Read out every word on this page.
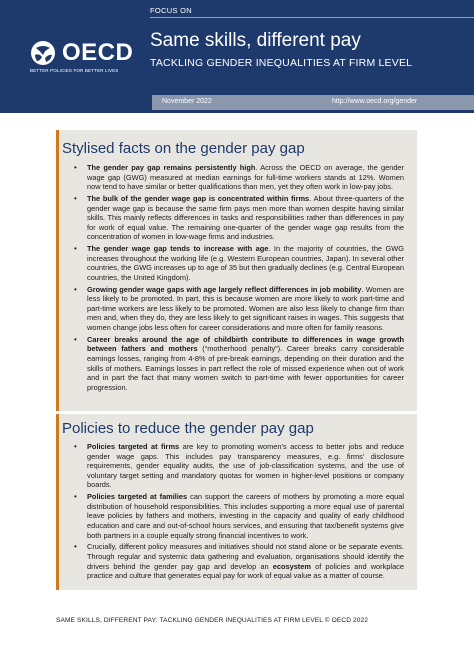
FOCUS ON
OECD
BETTER POLICIES FOR BETTER LIVES
Same skills, different pay
TACKLING GENDER INEQUALITIES AT FIRM LEVEL
November 2022	http://www.oecd.org/gender
Stylised facts on the gender pay gap
• The gender pay gap remains persistently high. Across the OECD on average, the gender wage gap (GWG) measured at median earnings for full-time workers stands at 12%. Women now tend to have similar or better qualifications than men, yet they often work in low-pay jobs.
• The bulk of the gender wage gap is concentrated within firms. About three-quarters of the gender wage gap is because the same firm pays men more than women despite having similar skills. This mainly reflects differences in tasks and responsibilities rather than differences in pay for work of equal value. The remaining one-quarter of the gender wage gap results from the concentration of women in low-wage firms and industries.
• The gender wage gap tends to increase with age. In the majority of countries, the GWG increases throughout the working life (e.g. Western European countries, Japan). In several other countries, the GWG increases up to age of 35 but then gradually declines (e.g. Central European countries, the United Kingdom).
• Growing gender wage gaps with age largely reflect differences in job mobility. Women are less likely to be promoted. In part, this is because women are more likely to work part-time and part-time workers are less likely to be promoted. Women are also less likely to change firm than men and, when they do, they are less likely to get significant raises in wages. This suggests that women change jobs less often for career considerations and more often for family reasons.
• Career breaks around the age of childbirth contribute to differences in wage growth between fathers and mothers (“motherhood penalty”). Career breaks carry considerable earnings losses, ranging from 4-8% of pre-break earnings, depending on their duration and the skills of mothers. Earnings losses in part reflect the role of missed experience when out of work and in part the fact that many women switch to part-time with fewer opportunities for career progression.
Policies to reduce the gender pay gap
• Policies targeted at firms are key to promoting women’s access to better jobs and reduce gender wage gaps. This includes pay transparency measures, e.g. firms’ disclosure requirements, gender equality audits, the use of job-classification systems, and the use of voluntary target setting and mandatory quotas for women in higher-level positions or company boards.
• Policies targeted at families can support the careers of mothers by promoting a more equal distribution of household responsibilities. This includes supporting a more equal use of parental leave policies by fathers and mothers, investing in the capacity and quality of early childhood education and care and out-of-school hours services, and ensuring that tax/benefit systems give both partners in a couple equally strong financial incentives to work.
• Crucially, different policy measures and initiatives should not stand alone or be separate events. Through regular and systemic data gathering and evaluation, organisations should identify the drivers behind the gender pay gap and develop an ecosystem of policies and workplace practice and culture that generates equal pay for work of equal value as a matter of course.
SAME SKILLS, DIFFERENT PAY: TACKLING GENDER INEQUALITIES AT FIRM LEVEL © OECD 2022
